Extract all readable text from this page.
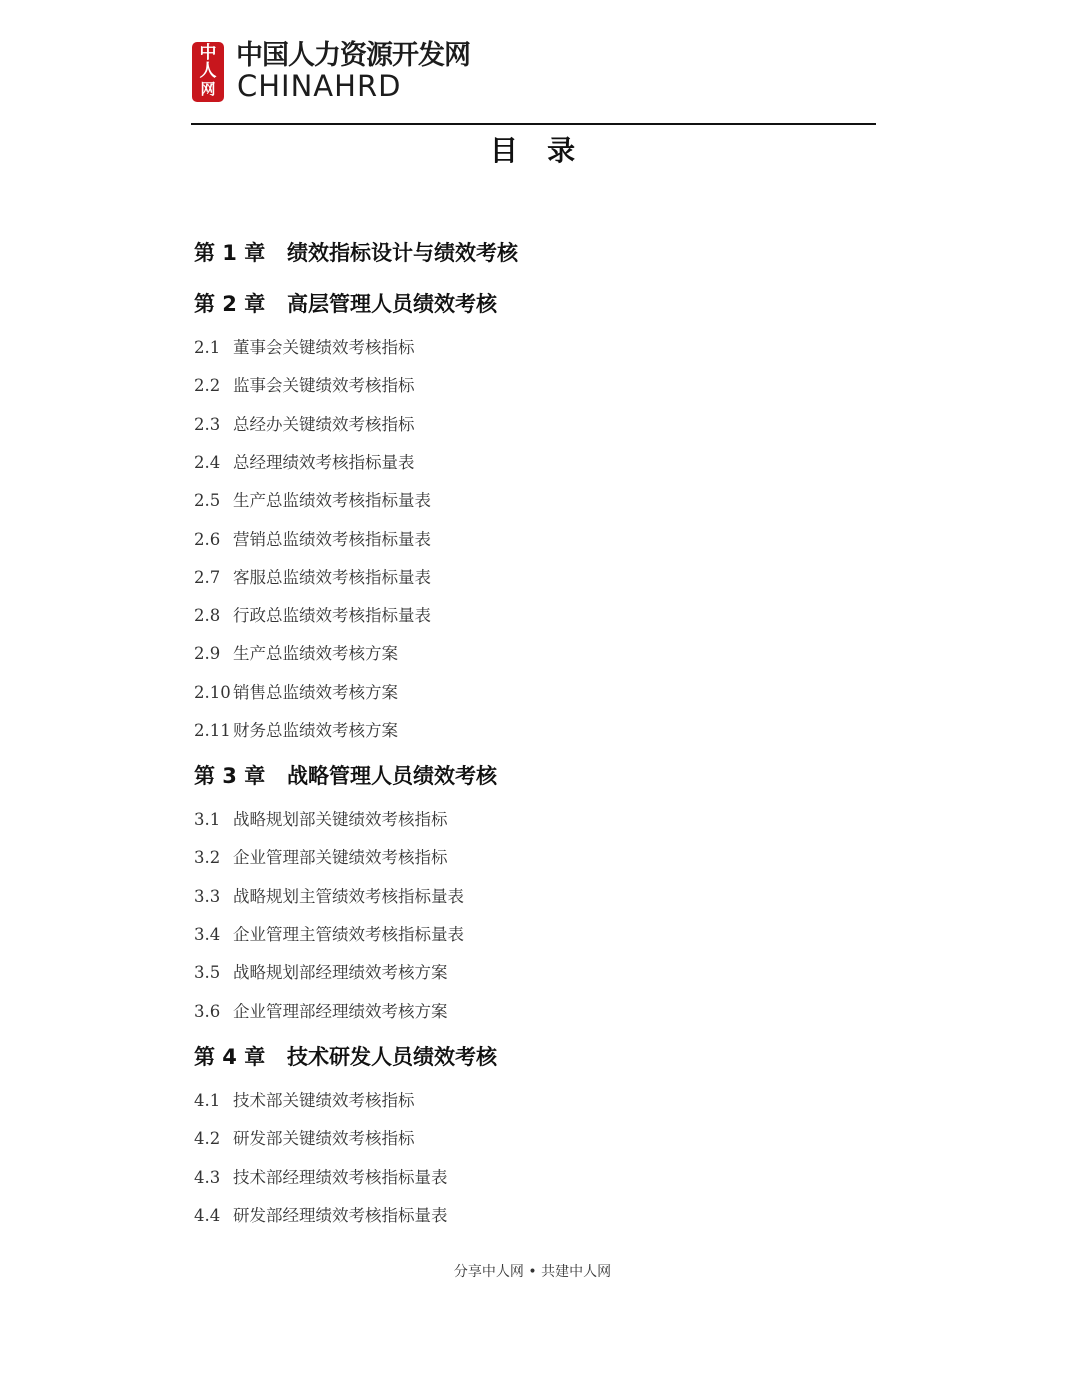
中
人
网
中国人力资源开发网
CHINAHRD
目   录
第 1 章 绩效指标设计与绩效考核
第 2 章 高层管理人员绩效考核
2.1 董事会关键绩效考核指标
2.2 监事会关键绩效考核指标
2.3 总经办关键绩效考核指标
2.4 总经理绩效考核指标量表
2.5 生产总监绩效考核指标量表
2.6 营销总监绩效考核指标量表
2.7 客服总监绩效考核指标量表
2.8 行政总监绩效考核指标量表
2.9 生产总监绩效考核方案
2.10 销售总监绩效考核方案
2.11 财务总监绩效考核方案
第 3 章 战略管理人员绩效考核
3.1 战略规划部关键绩效考核指标
3.2 企业管理部关键绩效考核指标
3.3 战略规划主管绩效考核指标量表
3.4 企业管理主管绩效考核指标量表
3.5 战略规划部经理绩效考核方案
3.6 企业管理部经理绩效考核方案
第 4 章 技术研发人员绩效考核
4.1 技术部关键绩效考核指标
4.2 研发部关键绩效考核指标
4.3 技术部经理绩效考核指标量表
4.4 研发部经理绩效考核指标量表
分享中人网 • 共建中人网
